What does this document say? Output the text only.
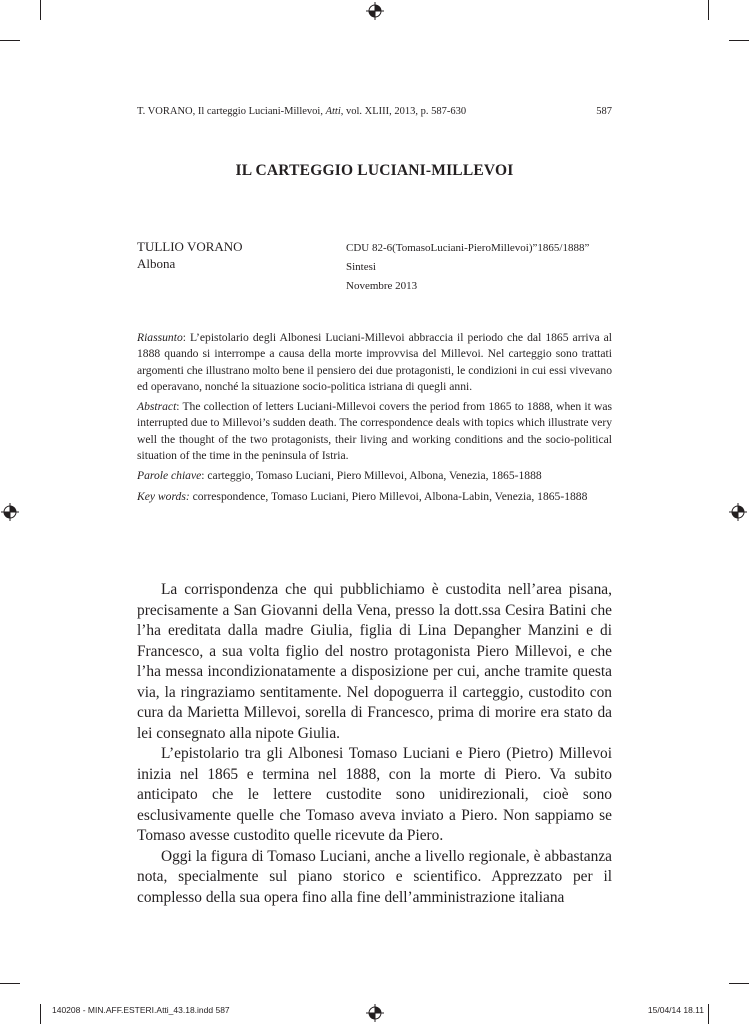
T. VORANO, Il carteggio Luciani-Millevoi, Atti, vol. XLIII, 2013, p. 587-630	587
IL CARTEGGIO LUCIANI-MILLEVOI
TULLIO VORANO
Albona
CDU 82-6(TomasoLuciani-PieroMillevoi)”1865/1888”
Sintesi
Novembre 2013

Riassunto: L’epistolario degli Albonesi Luciani-Millevoi abbraccia il periodo che dal 1865 arriva al 1888 quando si interrompe a causa della morte improvvisa del Millevoi. Nel carteggio sono trattati argomenti che illustrano molto bene il pensiero dei due protagonisti, le condizioni in cui essi vivevano ed operavano, nonché la situazione socio-politica istriana di quegli anni.

Abstract: The collection of letters Luciani-Millevoi covers the period from 1865 to 1888, when it was interrupted due to Millevoi’s sudden death. The correspondence deals with topics which illustrate very well the thought of the two protagonists, their living and working conditions and the socio-political situation of the time in the peninsula of Istria.

Parole chiave: carteggio, Tomaso Luciani, Piero Millevoi, Albona, Venezia, 1865-1888

Key words: correspondence, Tomaso Luciani, Piero Millevoi, Albona-Labin, Venezia, 1865-1888

La corrispondenza che qui pubblichiamo è custodita nell’area pisana, precisamente a San Giovanni della Vena, presso la dott.ssa Cesira Batini che l’ha ereditata dalla madre Giulia, figlia di Lina Depangher Manzini e di Francesco, a sua volta figlio del nostro protagonista Piero Millevoi, e che l’ha messa incondizionatamente a disposizione per cui, anche tramite questa via, la ringraziamo sentitamente. Nel dopoguerra il carteggio, custodito con cura da Marietta Millevoi, sorella di Francesco, prima di morire era stato da lei consegnato alla nipote Giulia.

L’epistolario tra gli Albonesi Tomaso Luciani e Piero (Pietro) Millevoi inizia nel 1865 e termina nel 1888, con la morte di Piero. Va subito anticipato che le lettere custodite sono unidirezionali, cioè sono esclusivamente quelle che Tomaso aveva inviato a Piero. Non sappiamo se Tomaso avesse custodito quelle ricevute da Piero.

Oggi la figura di Tomaso Luciani, anche a livello regionale, è abbastanza nota, specialmente sul piano storico e scientifico. Apprezzato per il complesso della sua opera fino alla fine dell’amministrazione italiana

140208 - MIN.AFF.ESTERI.Atti_43.18.indd 587	15/04/14 18.11
